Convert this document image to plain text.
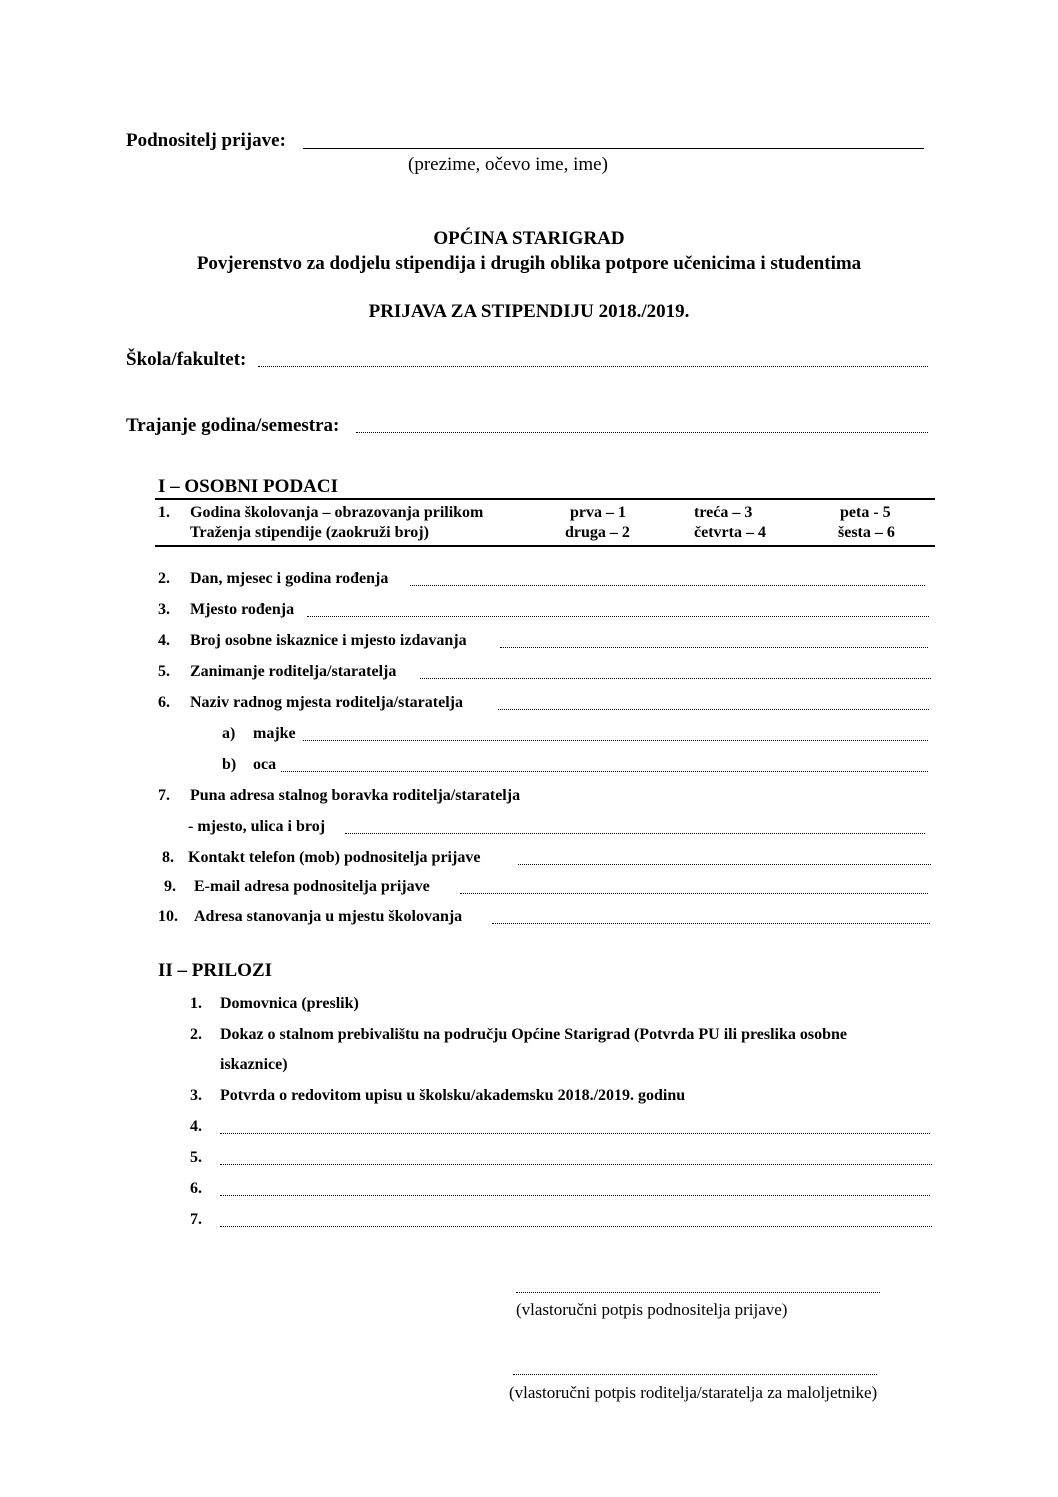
Podnositelj prijave:
(prezime, očevo ime, ime)
OPĆINA STARIGRAD
Povjerenstvo za dodjelu stipendija i drugih oblika potpore učenicima i studentima
PRIJAVA ZA STIPENDIJU 2018./2019.
Škola/fakultet:
Trajanje godina/semestra:
I – OSOBNI PODACI
1. Godina školovanja – obrazovanja prilikom
Traženja stipendije (zaokruži broj)
prva – 1	treća – 3	peta - 5
druga – 2	četvrta – 4	šesta – 6
2. Dan, mjesec i godina rođenja
3. Mjesto rođenja
4. Broj osobne iskaznice i mjesto izdavanja
5. Zanimanje roditelja/staratelja
6. Naziv radnog mjesta roditelja/staratelja
a) majke
b) oca
7. Puna adresa stalnog boravka roditelja/staratelja
- mjesto, ulica i broj
8. Kontakt telefon (mob) podnositelja prijave
9. E-mail adresa podnositelja prijave
10. Adresa stanovanja u mjestu školovanja
II – PRILOZI
1. Domovnica (preslik)
2. Dokaz o stalnom prebivalištu na području Općine Starigrad (Potvrda PU ili preslika osobne
iskaznice)
3. Potvrda o redovitom upisu u školsku/akademsku 2018./2019. godinu
4.
5.
6.
7.
(vlastoručni potpis podnositelja prijave)
(vlastoručni potpis roditelja/staratelja za maloljetnike)
